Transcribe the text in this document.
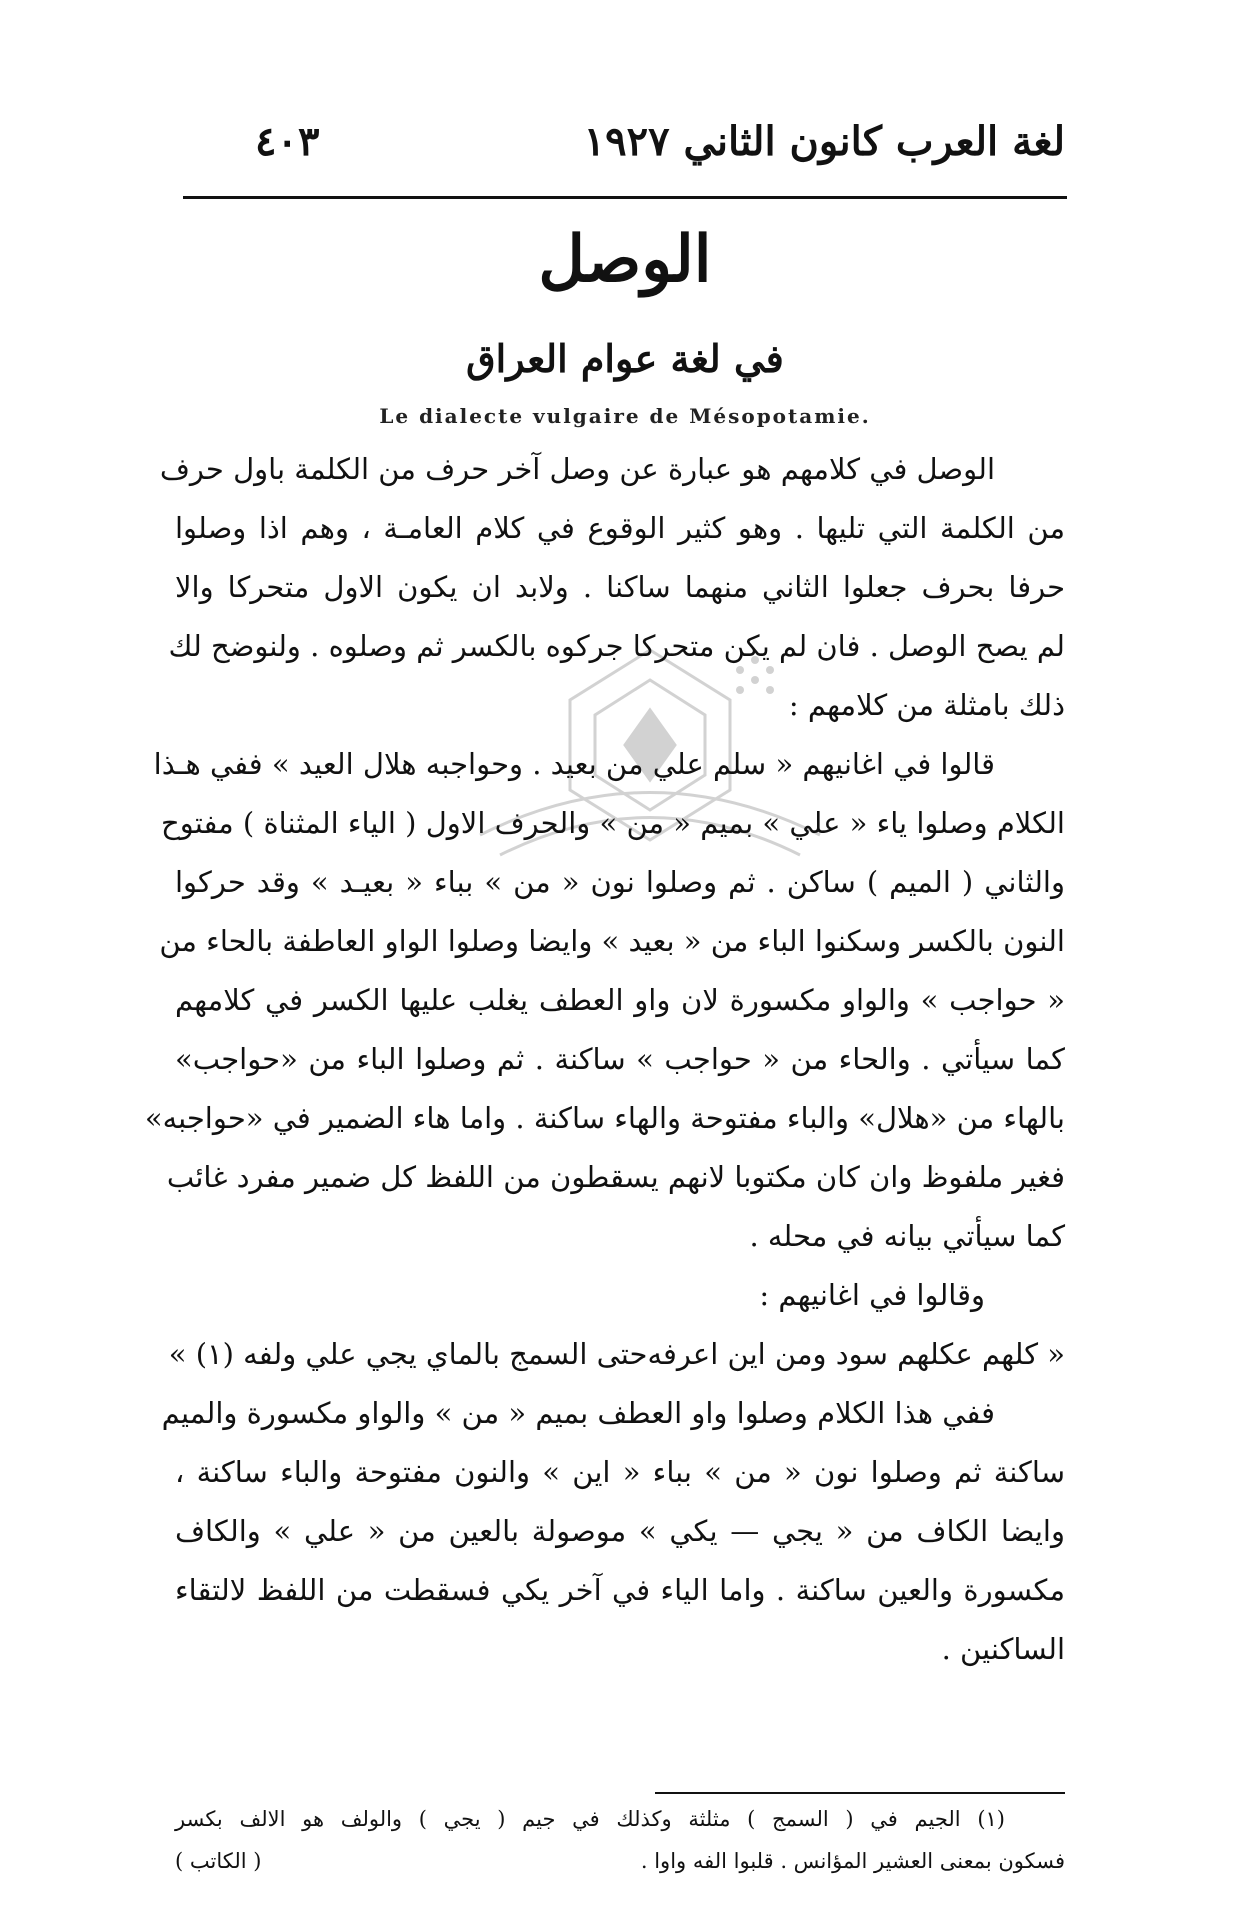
لغة العرب كانون الثاني ١٩٢٧
٤٠٣
الوصل
في لغة عوام العراق
Le dialecte vulgaire de Mésopotamie.
الوصل في كلامهم هو عبارة عن وصل آخر حرف من الكلمة باول حرف
من الكلمة التي تليها . وهو كثير الوقوع في كلام العامـة ، وهم اذا وصلوا
حرفا بحرف جعلوا الثاني منهما ساكنا . ولابد ان يكون الاول متحركا والا
لم يصح الوصل . فان لم يكن متحركا جركوه بالكسر ثم وصلوه . ولنوضح لك
ذلك بامثلة من كلامهم :
قالوا في اغانيهم « سلم علي من بعيد . وحواجبه هلال العيد » ففي هـذا
الكلام وصلوا ياء « علي » بميم « من » والحرف الاول ( الياء المثناة ) مفتوح
والثاني ( الميم ) ساكن . ثم وصلوا نون « من » بباء « بعيـد » وقد حركوا
النون بالكسر وسكنوا الباء من « بعيد » وايضا وصلوا الواو العاطفة بالحاء من
« حواجب » والواو مكسورة لان واو العطف يغلب عليها الكسر في كلامهم
كما سيأتي . والحاء من « حواجب » ساكنة . ثم وصلوا الباء من «حواجب»
بالهاء من «هلال» والباء مفتوحة والهاء ساكنة . واما هاء الضمير في «حواجبه»
فغير ملفوظ وان كان مكتوبا لانهم يسقطون من اللفظ كل ضمير مفرد غائب
كما سيأتي بيانه في محله .
وقالوا في اغانيهم :
« كلهم عكلهم سود ومن اين اعرفه
حتى السمج بالماي يجي علي ولفه (١) »
ففي هذا الكلام وصلوا واو العطف بميم « من » والواو مكسورة والميم
ساكنة ثم وصلوا نون « من » بباء « اين » والنون مفتوحة والباء ساكنة ،
وايضا الكاف من « يجي — يكي » موصولة بالعين من « علي » والكاف
مكسورة والعين ساكنة . واما الياء في آخر يكي فسقطت من اللفظ لالتقاء
الساكنين .
(١) الجيم في ( السمج ) مثلثة وكذلك في جيم ( يجي ) والولف هو الالف بكسر
فسكون بمعنى العشير المؤانس . قلبوا الفه واوا .
( الكاتب )
